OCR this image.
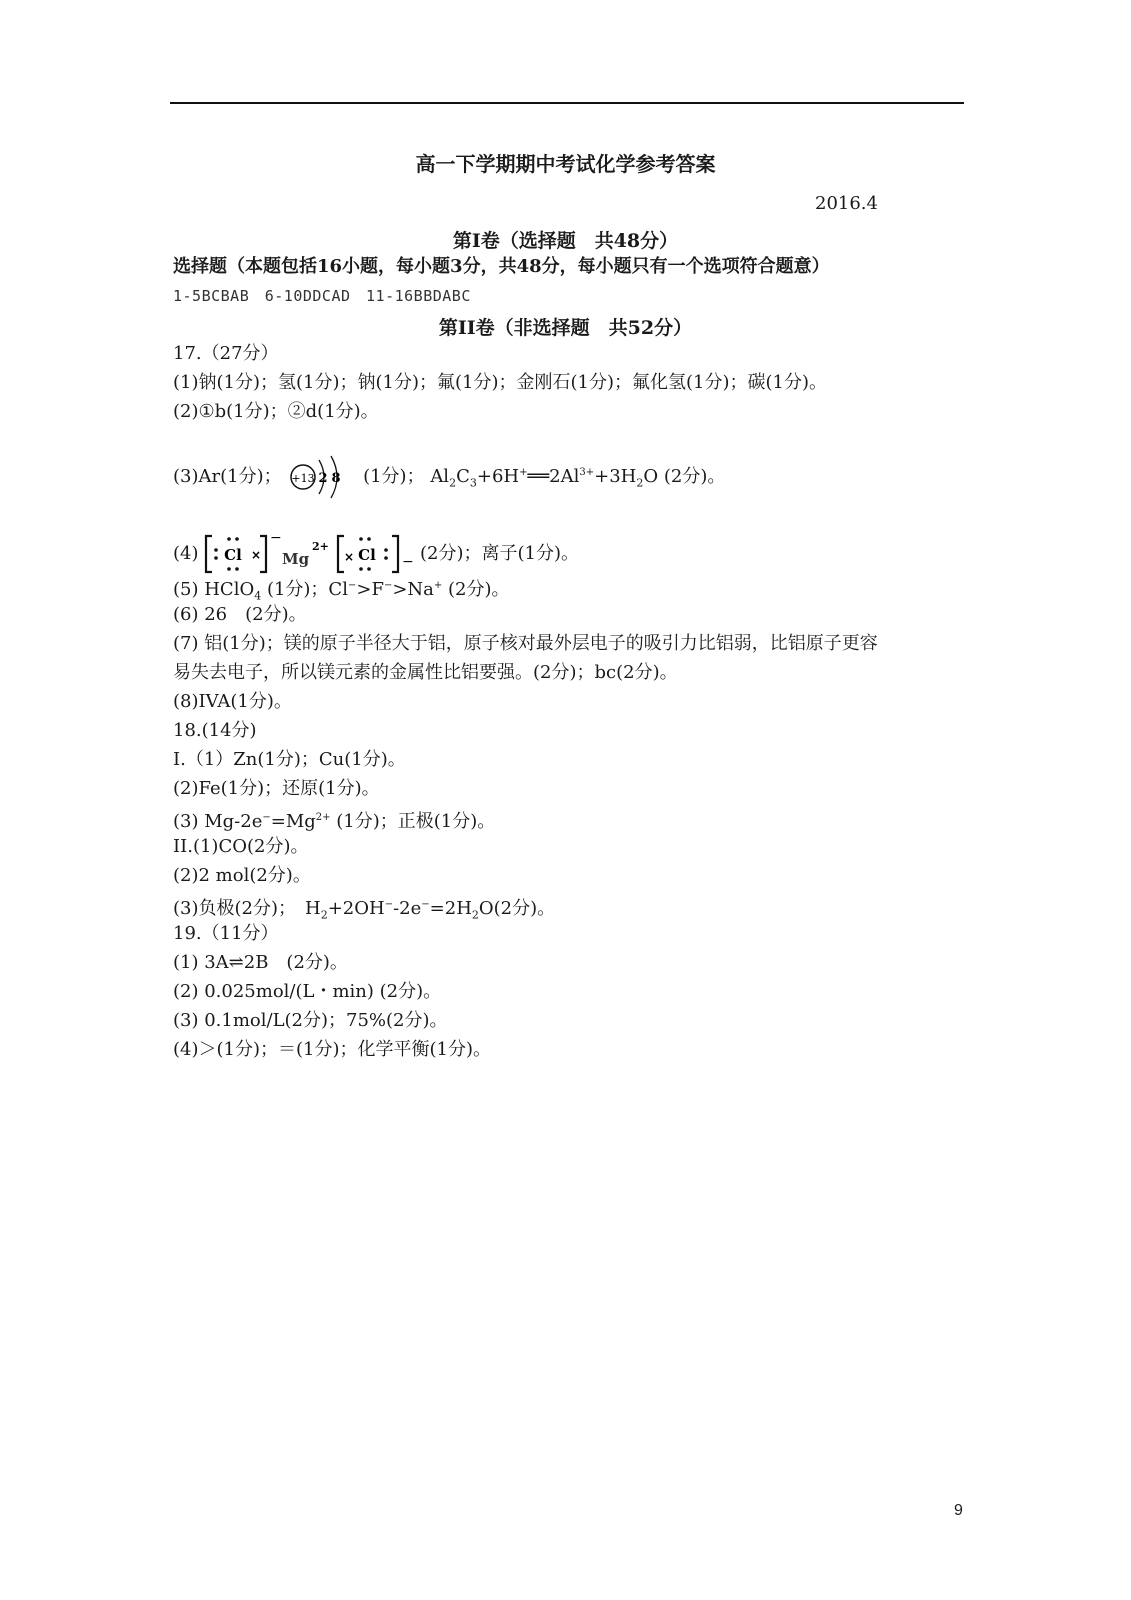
高一下学期期中考试化学参考答案
2016.4
第Ⅰ卷（选择题　共48分）
选择题（本题包括16小题，每小题3分，共48分，每小题只有一个选项符合题意）
1-5BCBAB　6-10DDCAD　11-16BBDABC
第II卷（非选择题　共52分）
17.（27分）
(1)钠(1分)；氢(1分)；钠(1分)；氟(1分)；金刚石(1分)；氟化氢(1分)；碳(1分)。
(2)①b(1分)；②d(1分)。
(3)Ar(1分)； +13 2 8 (1分)； $Al_2C_3+6H^+══2Al^{3+}+3H_2O$ (2分)。
(4) Cl ×
−
Mg
2+
× Cl − (2分)；离子(1分)。
(5) HClO$_4$ (1分)；Cl−>F−>Na+ (2分)。
(6) 26　(2分)。
(7) 铝(1分)；镁的原子半径大于铝，原子核对最外层电子的吸引力比铝弱，比铝原子更容
易失去电子，所以镁元素的金属性比铝要强。(2分)；bc(2分)。
(8)IVA(1分)。
18.(14分)
I.（1）Zn(1分)；Cu(1分)。
(2)Fe(1分)；还原(1分)。
(3) $Mg-2e^-=Mg^{2+}$ (1分)；正极(1分)。
II.(1)CO(2分)。
(2)2 mol(2分)。
(3)负极(2分)；　$H_2+2OH^--2e^-=2H_2O(2$分)。
19.（11分）
(1) 3A⇌2B　(2分)。
(2) 0.025mol/(L・min) (2分)。
(3) 0.1mol/L(2分)；75%(2分)。
(4)＞(1分)；＝(1分)；化学平衡(1分)。
9
